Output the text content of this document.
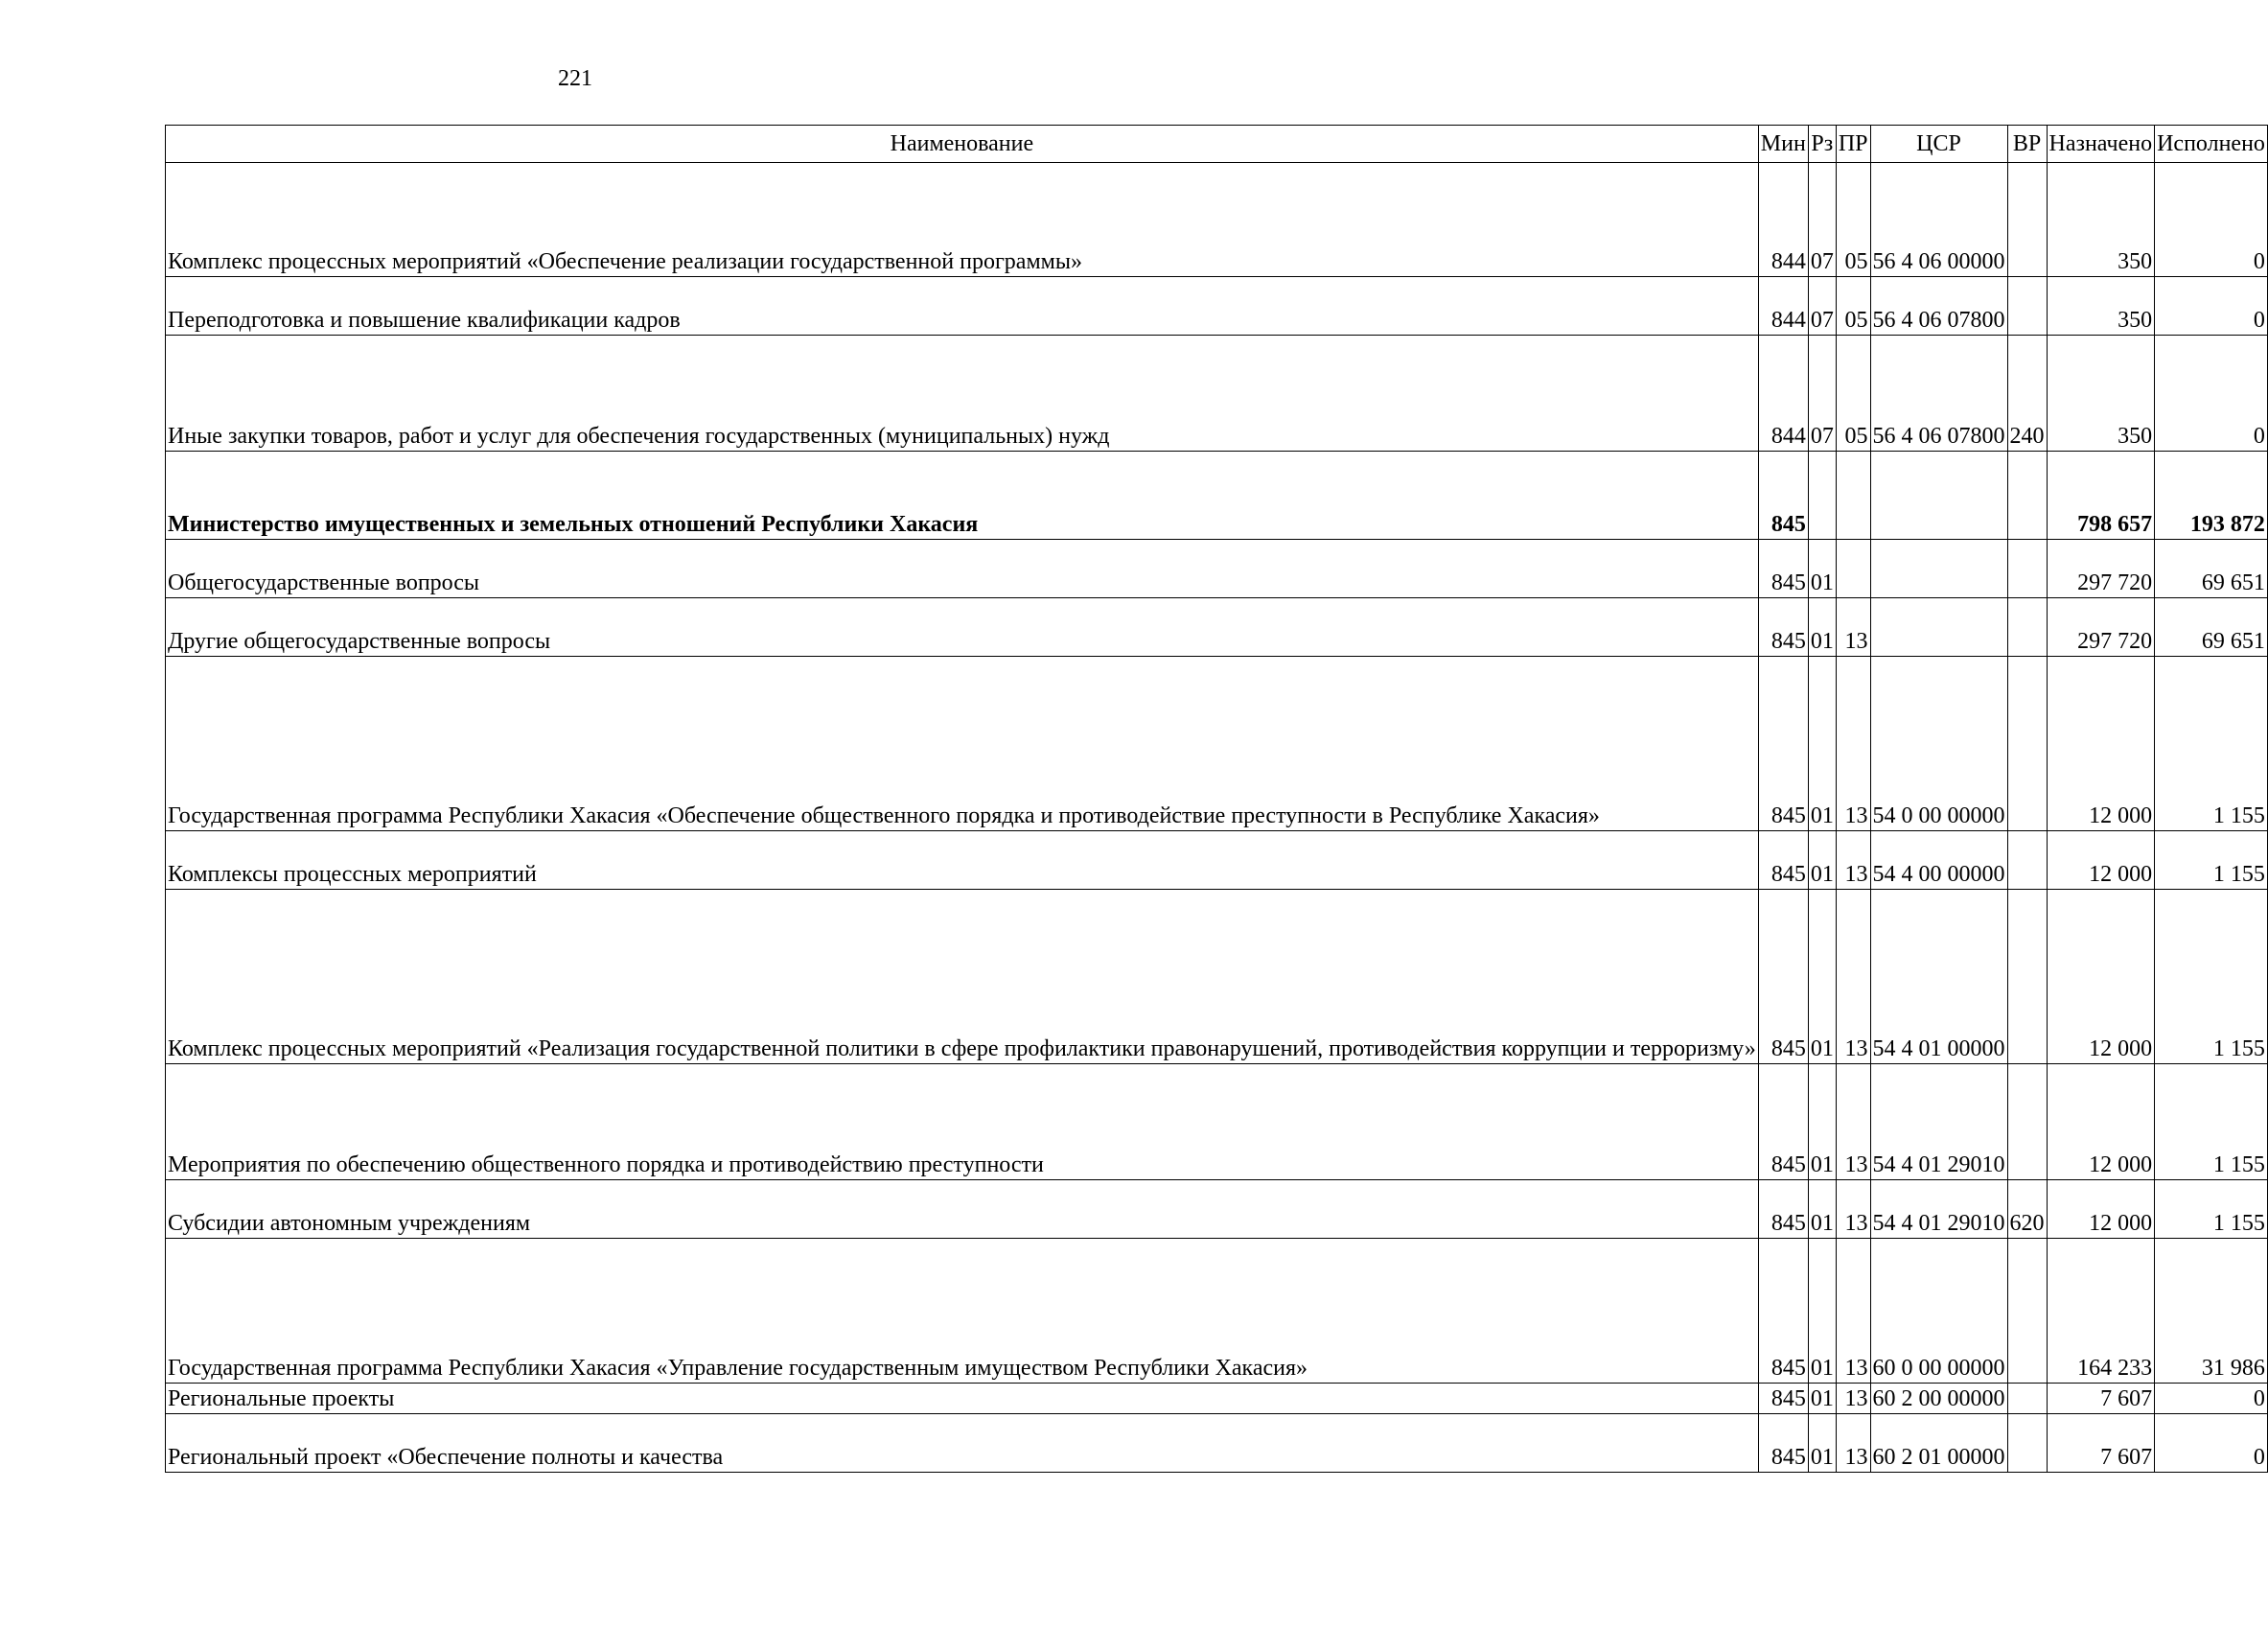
221
Наименование	Мин	Рз	ПР	ЦСР	ВР	Назначено	Исполнено
Комплекс процессных мероприятий «Обеспечение реализации государственной программы»	844	07	05	56 4 06 00000		350	0
Переподготовка и повышение квалификации кадров	844	07	05	56 4 06 07800		350	0
Иные закупки товаров, работ и услуг для обеспечения государственных (муниципальных) нужд	844	07	05	56 4 06 07800	240	350	0
Министерство имущественных и земельных отношений Республики Хакасия	845					798 657	193 872
Общегосударственные вопросы	845	01				297 720	69 651
Другие общегосударственные вопросы	845	01	13			297 720	69 651
Государственная программа Республики Хакасия «Обеспечение общественного порядка и противодействие преступности в Республике Хакасия»	845	01	13	54 0 00 00000		12 000	1 155
Комплексы процессных мероприятий	845	01	13	54 4 00 00000		12 000	1 155
Комплекс процессных мероприятий «Реализация государственной политики в сфере профилактики правонарушений, противодействия коррупции и терроризму»	845	01	13	54 4 01 00000		12 000	1 155
Мероприятия по обеспечению общественного порядка и противодействию преступности	845	01	13	54 4 01 29010		12 000	1 155
Субсидии автономным учреждениям	845	01	13	54 4 01 29010	620	12 000	1 155
Государственная программа Республики Хакасия «Управление государственным имуществом Республики Хакасия»	845	01	13	60 0 00 00000		164 233	31 986
Региональные проекты	845	01	13	60 2 00 00000		7 607	0
Региональный проект «Обеспечение полноты и качества	845	01	13	60 2 01 00000		7 607	0
